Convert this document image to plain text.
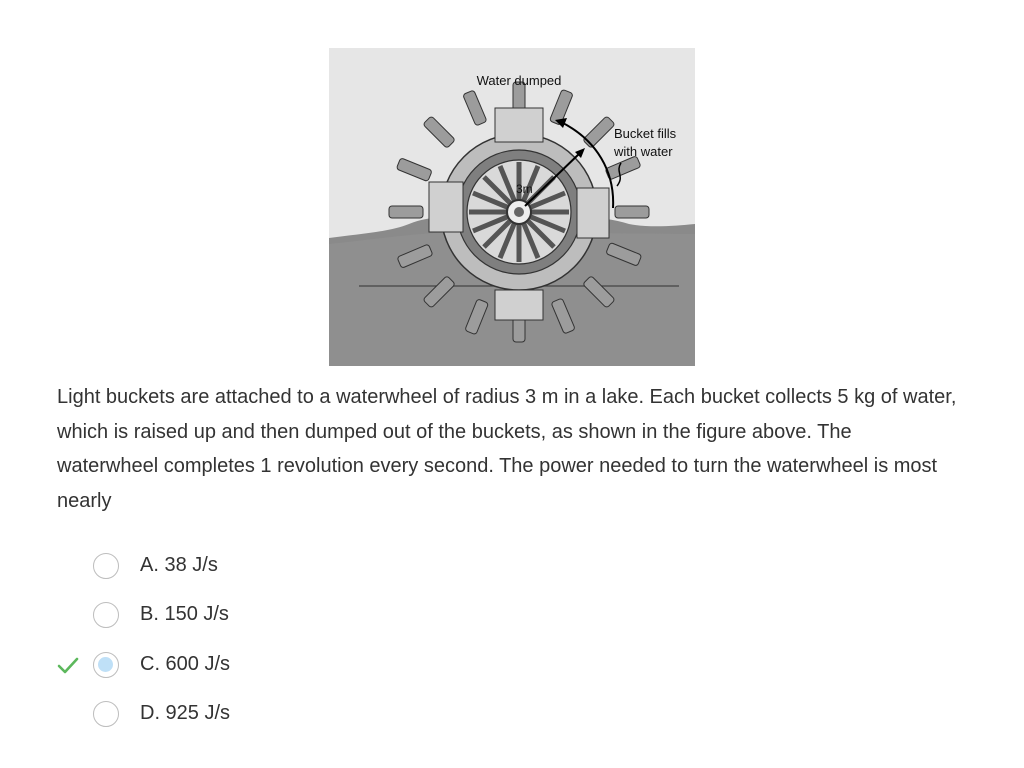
Water dumped
Bucket fills
with water
3m
Light buckets are attached to a waterwheel of radius 3 m in a lake. Each bucket collects 5 kg of water, which is raised up and then dumped out of the buckets, as shown in the figure above. The waterwheel completes 1 revolution every second. The power needed to turn the waterwheel is most nearly
A. 38 J/s
B. 150 J/s
C. 600 J/s
D. 925 J/s
